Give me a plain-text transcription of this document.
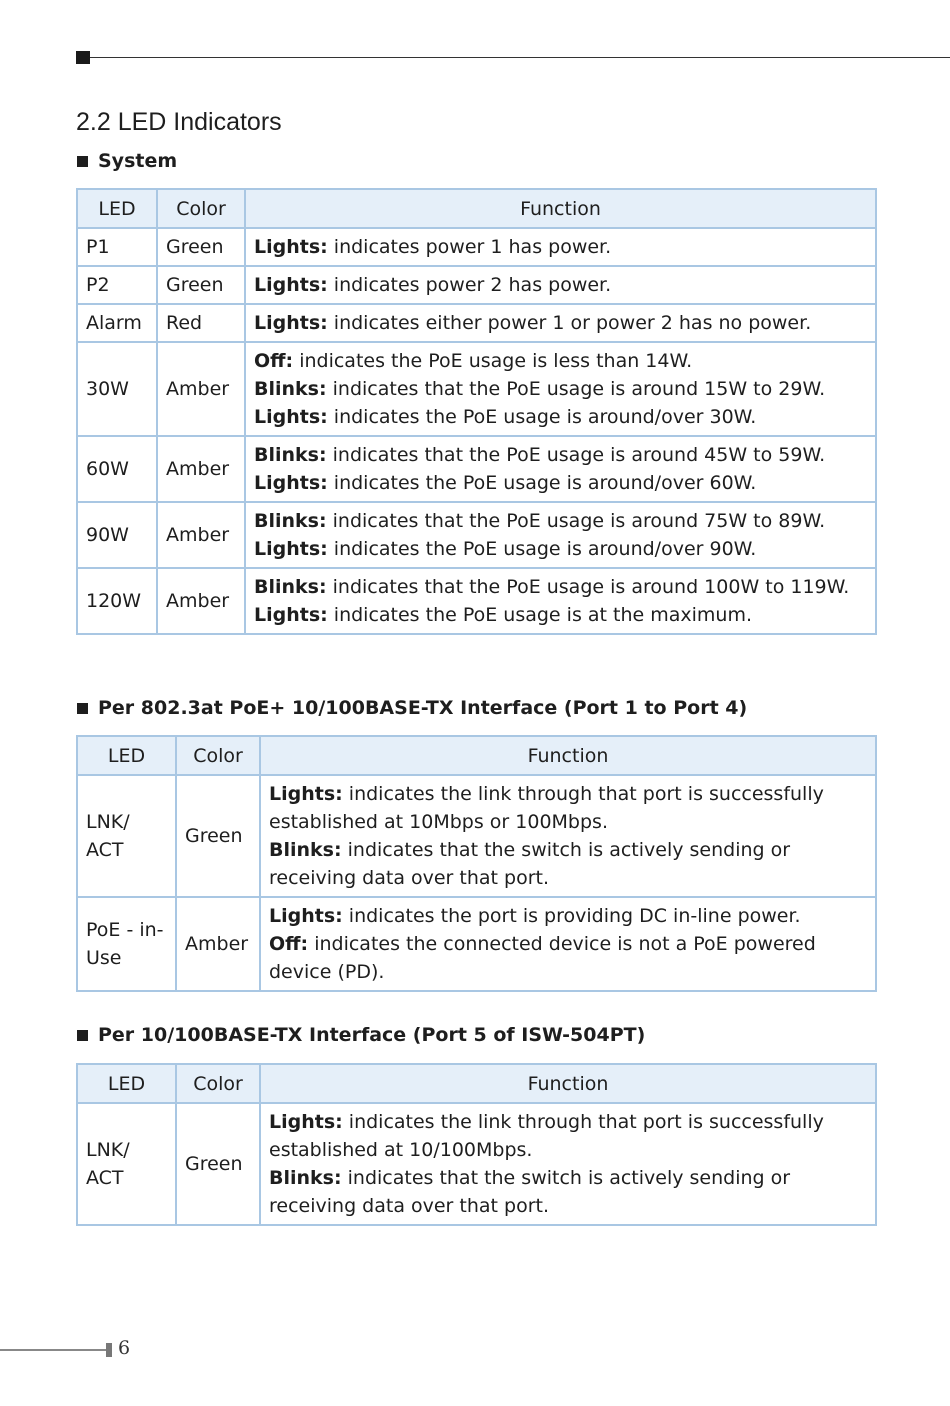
2.2 LED Indicators
System
LED	Color	Function
P1	Green	Lights: indicates power 1 has power.

P2	Green	Lights: indicates power 2 has power.

Alarm	Red	Lights: indicates either power 1 or power 2 has no power.

30W	Amber	Off: indicates the PoE usage is less than 14W.
Blinks: indicates that the PoE usage is around 15W to 29W.
Lights: indicates the PoE usage is around/over 30W.

60W	Amber	Blinks: indicates that the PoE usage is around 45W to 59W.
Lights: indicates the PoE usage is around/over 60W.

90W	Amber	Blinks: indicates that the PoE usage is around 75W to 89W.
Lights: indicates the PoE usage is around/over 90W.

120W	Amber	Blinks: indicates that the PoE usage is around 100W to 119W.
Lights: indicates the PoE usage is at the maximum.
Per 802.3at PoE+ 10/100BASE-TX Interface (Port 1 to Port 4)
LED	Color	Function
LNK/ ACT	Green	Lights: indicates the link through that port is successfully established at 10Mbps or 100Mbps.
Blinks: indicates that the switch is actively sending or receiving data over that port.

PoE - in-Use	Amber	Lights: indicates the port is providing DC in-line power.
Off: indicates the connected device is not a PoE powered device (PD).
Per 10/100BASE-TX Interface (Port 5 of ISW-504PT)
LED	Color	Function
LNK/ ACT	Green	Lights: indicates the link through that port is successfully established at 10/100Mbps.
Blinks: indicates that the switch is actively sending or receiving data over that port.
6
